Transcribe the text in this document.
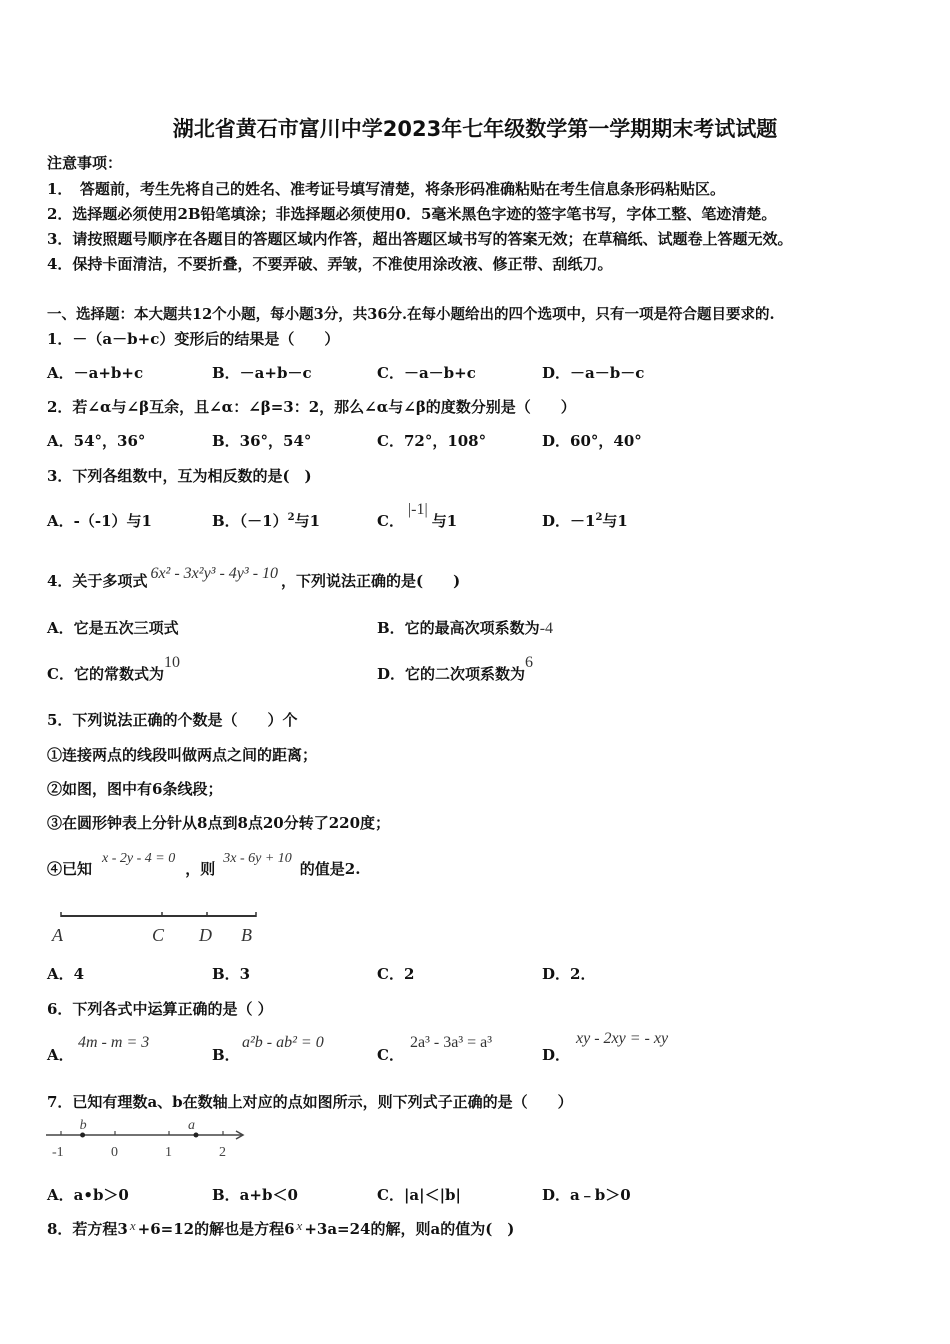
湖北省黄石市富川中学2023年七年级数学第一学期期末考试试题
注意事项：
1．　答题前，考生先将自己的姓名、准考证号填写清楚，将条形码准确粘贴在考生信息条形码粘贴区。
2．选择题必须使用2B铅笔填涂；非选择题必须使用0．5毫米黑色字迹的签字笔书写，字体工整、笔迹清楚。
3．请按照题号顺序在各题目的答题区域内作答，超出答题区域书写的答案无效；在草稿纸、试题卷上答题无效。
4．保持卡面清洁，不要折叠，不要弄破、弄皱，不准使用涂改液、修正带、刮纸刀。
一、选择题：本大题共12个小题，每小题3分，共36分.在每小题给出的四个选项中，只有一项是符合题目要求的.
1．－（a－b+c）变形后的结果是（　　）
A．－a+b+c	B．－a+b－c	C．－a－b+c	D．－a－b－c
2．若∠α与∠β互余，且∠α：∠β=3：2，那么∠α与∠β的度数分别是（　　）
A．54°，36°	B．36°，54°	C．72°，108°	D．60°，40°
3．下列各组数中，互为相反数的是(　)
A．-（-1）与1	B．$(-1)^2$与1	C．|-1|与1	D．$-1^2$与1
4．关于多项式 6x² - 3x²y³ - 4y³ - 10 ，下列说法正确的是(　　)
A．它是五次三项式	B．它的最高次项系数为-4
C．它的常数式为10
D．它的二次项系数为6
5．下列说法正确的个数是（　　）个
①连接两点的线段叫做两点之间的距离；
②如图，图中有6条线段；
③在圆形钟表上分针从8点到8点20分转了220度；
④已知x - 2y - 4 = 0，则3x - 6y + 10的值是2.
A	C D B
A．4	B．3	C．2	D．2．
6．下列各式中运算正确的是（ ）
A．
4m - m = 3
B．
a²b - ab² = 0
C．
2a³ - 3a³ = a³
D．
xy - 2xy = - xy
7．已知有理数a、b在数轴上对应的点如图所示，则下列式子正确的是（　　）
-1	0	1	2
b	a
A．a•b＞0	B．a+b＜0	C．|a|＜|b|	D．a﹣b＞0
8．若方程3 x +6=12的解也是方程6 x +3a=24的解，则a的值为(　)
